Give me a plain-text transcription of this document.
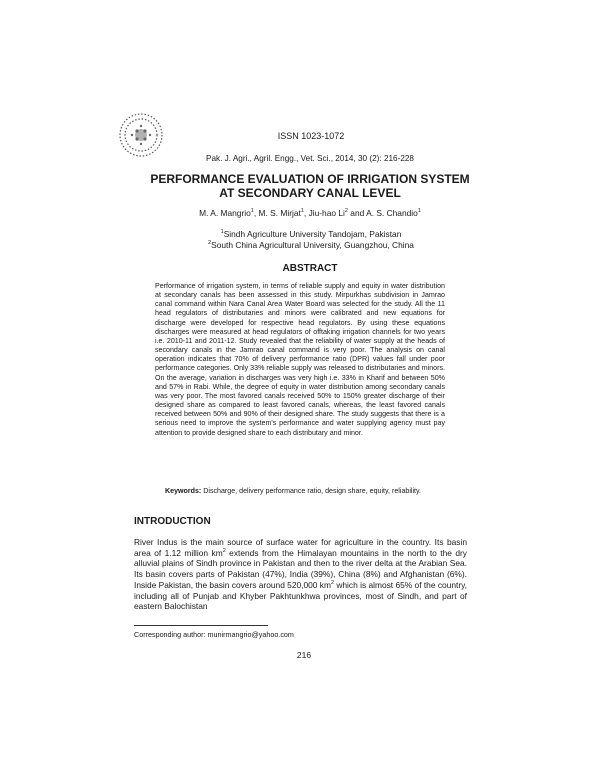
ISSN 1023-1072
Pak. J. Agri., Agril. Engg., Vet. Sci., 2014, 30 (2): 216-228
PERFORMANCE EVALUATION OF IRRIGATION SYSTEM
AT SECONDARY CANAL LEVEL
M. A. Mangrio$^1$, M. S. Mirjat$^1$, Jiu-hao Li$^2$ and A. S. Chandio$^1$
$^1$Sindh Agriculture University Tandojam, Pakistan
$^2$South China Agricultural University, Guangzhou, China
ABSTRACT
Performance of irrigation system, in terms of reliable supply and equity in water distribution at secondary canals has been assessed in this study. Mirpurkhas subdivision in Jamrao canal command within Nara Canal Area Water Board was selected for the study. All the 11 head regulators of distributaries and minors were calibrated and new equations for discharge were developed for respective head regulators. By using these equations discharges were measured at head regulators of offtaking irrigation channels for two years i.e. 2010-11 and 2011-12. Study revealed that the reliability of water supply at the heads of secondary canals in the Jamrao canal command is very poor. The analysis on canal operation indicates that 70% of delivery performance ratio (DPR) values fall under poor performance categories. Only 33% reliable supply was released to distributaries and minors. On the average, variation in discharges was very high i.e. 33% in Kharif and between 50% and 57% in Rabi. While, the degree of equity in water distribution among secondary canals was very poor. The most favored canals received 50% to 150% greater discharge of their designed share as compared to least favored canals, whereas, the least favored canals received between 50% and 90% of their designed share. The study suggests that there is a serious need to improve the system's performance and water supplying agency must pay attention to provide designed share to each distributary and minor.
Keywords: Discharge, delivery performance ratio, design share, equity, reliability.
INTRODUCTION
River Indus is the main source of surface water for agriculture in the country. Its basin area of 1.12 million $km^2$ extends from the Himalayan mountains in the north to the dry alluvial plains of Sindh province in Pakistan and then to the river delta at the Arabian Sea. Its basin covers parts of Pakistan (47%), India (39%), China (8%) and Afghanistan (6%). Inside Pakistan, the basin covers around 520,000 $km^2$ which is almost 65% of the country, including all of Punjab and Khyber Pakhtunkhwa provinces, most of Sindh, and part of eastern Balochistan
Corresponding author: munirmangrio@yahoo.com
216
